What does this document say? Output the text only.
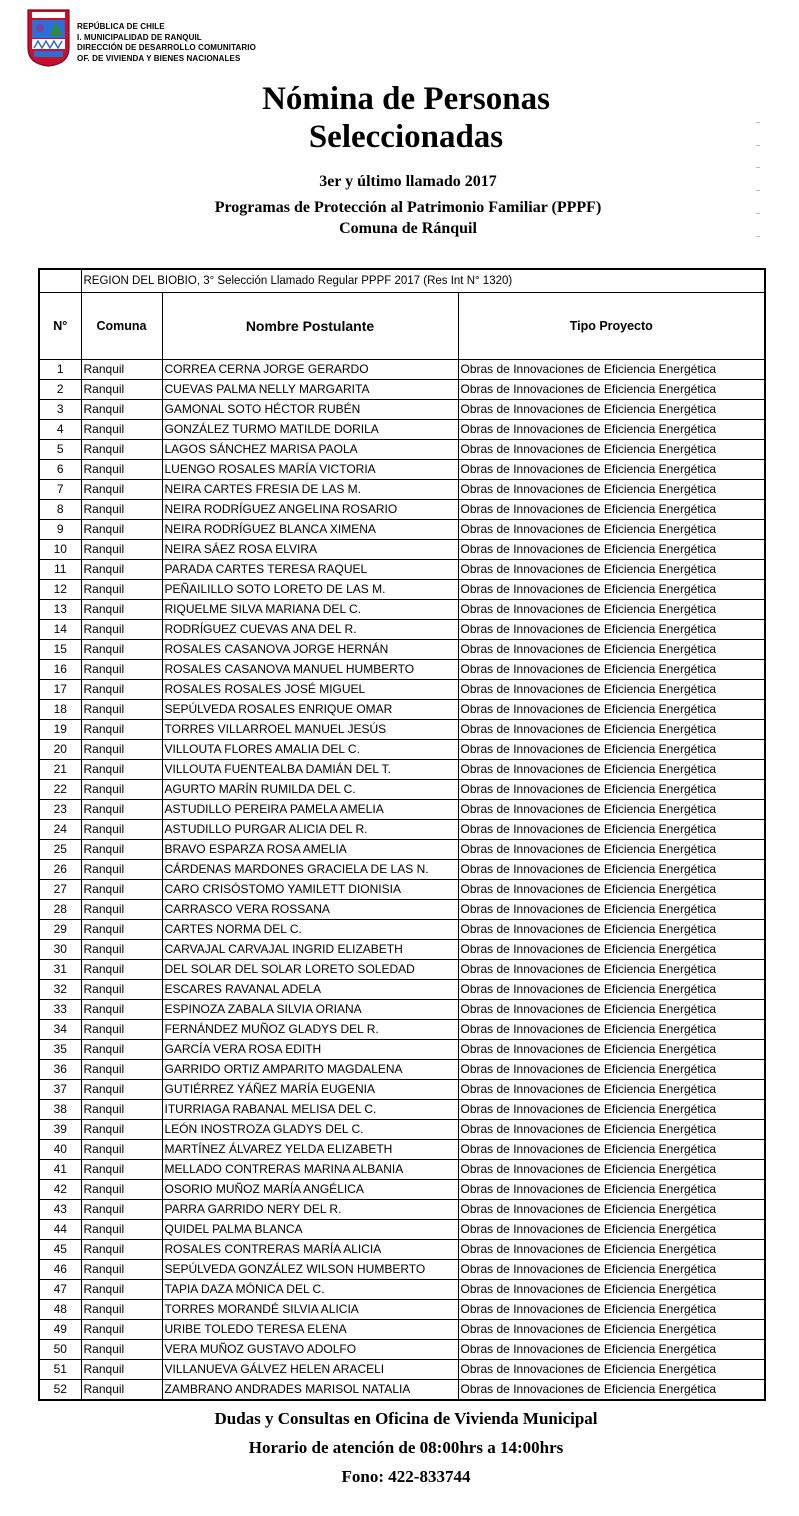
REPÚBLICA DE CHILE
I. MUNICIPALIDAD DE RANQUIL
DIRECCIÓN DE DESARROLLO COMUNITARIO
OF. DE VIVIENDA Y BIENES NACIONALES
Nómina de Personas
Seleccionadas
3er y último llamado 2017
Programas de Protección al Patrimonio Familiar (PPPF)
Comuna de Ránquil
	REGION DEL BIOBIO, 3° Selección Llamado Regular PPPF 2017 (Res Int N° 1320)		
N°	Comuna	Nombre Postulante	Tipo Proyecto
1	Ranquil	CORREA CERNA JORGE GERARDO	Obras de Innovaciones de Eficiencia Energética
2	Ranquil	CUEVAS PALMA NELLY MARGARITA	Obras de Innovaciones de Eficiencia Energética
3	Ranquil	GAMONAL SOTO HÉCTOR RUBÉN	Obras de Innovaciones de Eficiencia Energética
4	Ranquil	GONZÁLEZ TURMO MATILDE DORILA	Obras de Innovaciones de Eficiencia Energética
5	Ranquil	LAGOS SÁNCHEZ MARISA PAOLA	Obras de Innovaciones de Eficiencia Energética
6	Ranquil	LUENGO ROSALES MARÍA VICTORIA	Obras de Innovaciones de Eficiencia Energética
7	Ranquil	NEIRA CARTES FRESIA DE LAS M.	Obras de Innovaciones de Eficiencia Energética
8	Ranquil	NEIRA RODRÍGUEZ ANGELINA ROSARIO	Obras de Innovaciones de Eficiencia Energética
9	Ranquil	NEIRA RODRÍGUEZ BLANCA XIMENA	Obras de Innovaciones de Eficiencia Energética
10	Ranquil	NEIRA SÁEZ ROSA ELVIRA	Obras de Innovaciones de Eficiencia Energética
11	Ranquil	PARADA CARTES TERESA RAQUEL	Obras de Innovaciones de Eficiencia Energética
12	Ranquil	PEÑAILILLO SOTO LORETO DE LAS M.	Obras de Innovaciones de Eficiencia Energética
13	Ranquil	RIQUELME SILVA MARIANA DEL C.	Obras de Innovaciones de Eficiencia Energética
14	Ranquil	RODRÍGUEZ CUEVAS ANA DEL R.	Obras de Innovaciones de Eficiencia Energética
15	Ranquil	ROSALES CASANOVA JORGE HERNÁN	Obras de Innovaciones de Eficiencia Energética
16	Ranquil	ROSALES CASANOVA MANUEL HUMBERTO	Obras de Innovaciones de Eficiencia Energética
17	Ranquil	ROSALES ROSALES JOSÉ MIGUEL	Obras de Innovaciones de Eficiencia Energética
18	Ranquil	SEPÚLVEDA ROSALES ENRIQUE OMAR	Obras de Innovaciones de Eficiencia Energética
19	Ranquil	TORRES VILLARROEL MANUEL JESÚS	Obras de Innovaciones de Eficiencia Energética
20	Ranquil	VILLOUTA FLORES AMALIA DEL C.	Obras de Innovaciones de Eficiencia Energética
21	Ranquil	VILLOUTA FUENTEALBA DAMIÁN DEL T.	Obras de Innovaciones de Eficiencia Energética
22	Ranquil	AGURTO MARÍN RUMILDA DEL C.	Obras de Innovaciones de Eficiencia Energética
23	Ranquil	ASTUDILLO PEREIRA PAMELA AMELIA	Obras de Innovaciones de Eficiencia Energética
24	Ranquil	ASTUDILLO PURGAR ALICIA DEL R.	Obras de Innovaciones de Eficiencia Energética
25	Ranquil	BRAVO ESPARZA ROSA AMELIA	Obras de Innovaciones de Eficiencia Energética
26	Ranquil	CÁRDENAS MARDONES GRACIELA DE LAS N.	Obras de Innovaciones de Eficiencia Energética
27	Ranquil	CARO CRISÓSTOMO YAMILETT DIONISIA	Obras de Innovaciones de Eficiencia Energética
28	Ranquil	CARRASCO VERA ROSSANA	Obras de Innovaciones de Eficiencia Energética
29	Ranquil	CARTES NORMA DEL C.	Obras de Innovaciones de Eficiencia Energética
30	Ranquil	CARVAJAL CARVAJAL INGRID ELIZABETH	Obras de Innovaciones de Eficiencia Energética
31	Ranquil	DEL SOLAR DEL SOLAR LORETO SOLEDAD	Obras de Innovaciones de Eficiencia Energética
32	Ranquil	ESCARES RAVANAL ADELA	Obras de Innovaciones de Eficiencia Energética
33	Ranquil	ESPINOZA ZABALA SILVIA ORIANA	Obras de Innovaciones de Eficiencia Energética
34	Ranquil	FERNÁNDEZ MUÑOZ GLADYS DEL R.	Obras de Innovaciones de Eficiencia Energética
35	Ranquil	GARCÍA VERA ROSA EDITH	Obras de Innovaciones de Eficiencia Energética
36	Ranquil	GARRIDO ORTIZ AMPARITO MAGDALENA	Obras de Innovaciones de Eficiencia Energética
37	Ranquil	GUTIÉRREZ YÁÑEZ MARÍA EUGENIA	Obras de Innovaciones de Eficiencia Energética
38	Ranquil	ITURRIAGA RABANAL MELISA DEL C.	Obras de Innovaciones de Eficiencia Energética
39	Ranquil	LEÓN INOSTROZA GLADYS DEL C.	Obras de Innovaciones de Eficiencia Energética
40	Ranquil	MARTÍNEZ ÁLVAREZ YELDA ELIZABETH	Obras de Innovaciones de Eficiencia Energética
41	Ranquil	MELLADO CONTRERAS MARINA ALBANIA	Obras de Innovaciones de Eficiencia Energética
42	Ranquil	OSORIO MUÑOZ MARÍA ANGÉLICA	Obras de Innovaciones de Eficiencia Energética
43	Ranquil	PARRA GARRIDO NERY DEL R.	Obras de Innovaciones de Eficiencia Energética
44	Ranquil	QUIDEL PALMA BLANCA	Obras de Innovaciones de Eficiencia Energética
45	Ranquil	ROSALES CONTRERAS MARÍA ALICIA	Obras de Innovaciones de Eficiencia Energética
46	Ranquil	SEPÚLVEDA GONZÁLEZ WILSON HUMBERTO	Obras de Innovaciones de Eficiencia Energética
47	Ranquil	TAPIA DAZA MÓNICA DEL C.	Obras de Innovaciones de Eficiencia Energética
48	Ranquil	TORRES MORANDÉ SILVIA ALICIA	Obras de Innovaciones de Eficiencia Energética
49	Ranquil	URIBE TOLEDO TERESA ELENA	Obras de Innovaciones de Eficiencia Energética
50	Ranquil	VERA MUÑOZ GUSTAVO ADOLFO	Obras de Innovaciones de Eficiencia Energética
51	Ranquil	VILLANUEVA GÁLVEZ HELEN ARACELI	Obras de Innovaciones de Eficiencia Energética
52	Ranquil	ZAMBRANO ANDRADES MARISOL NATALIA	Obras de Innovaciones de Eficiencia Energética
Dudas y Consultas en Oficina de Vivienda Municipal
Horario de atención de 08:00hrs a 14:00hrs
Fono: 422-833744
